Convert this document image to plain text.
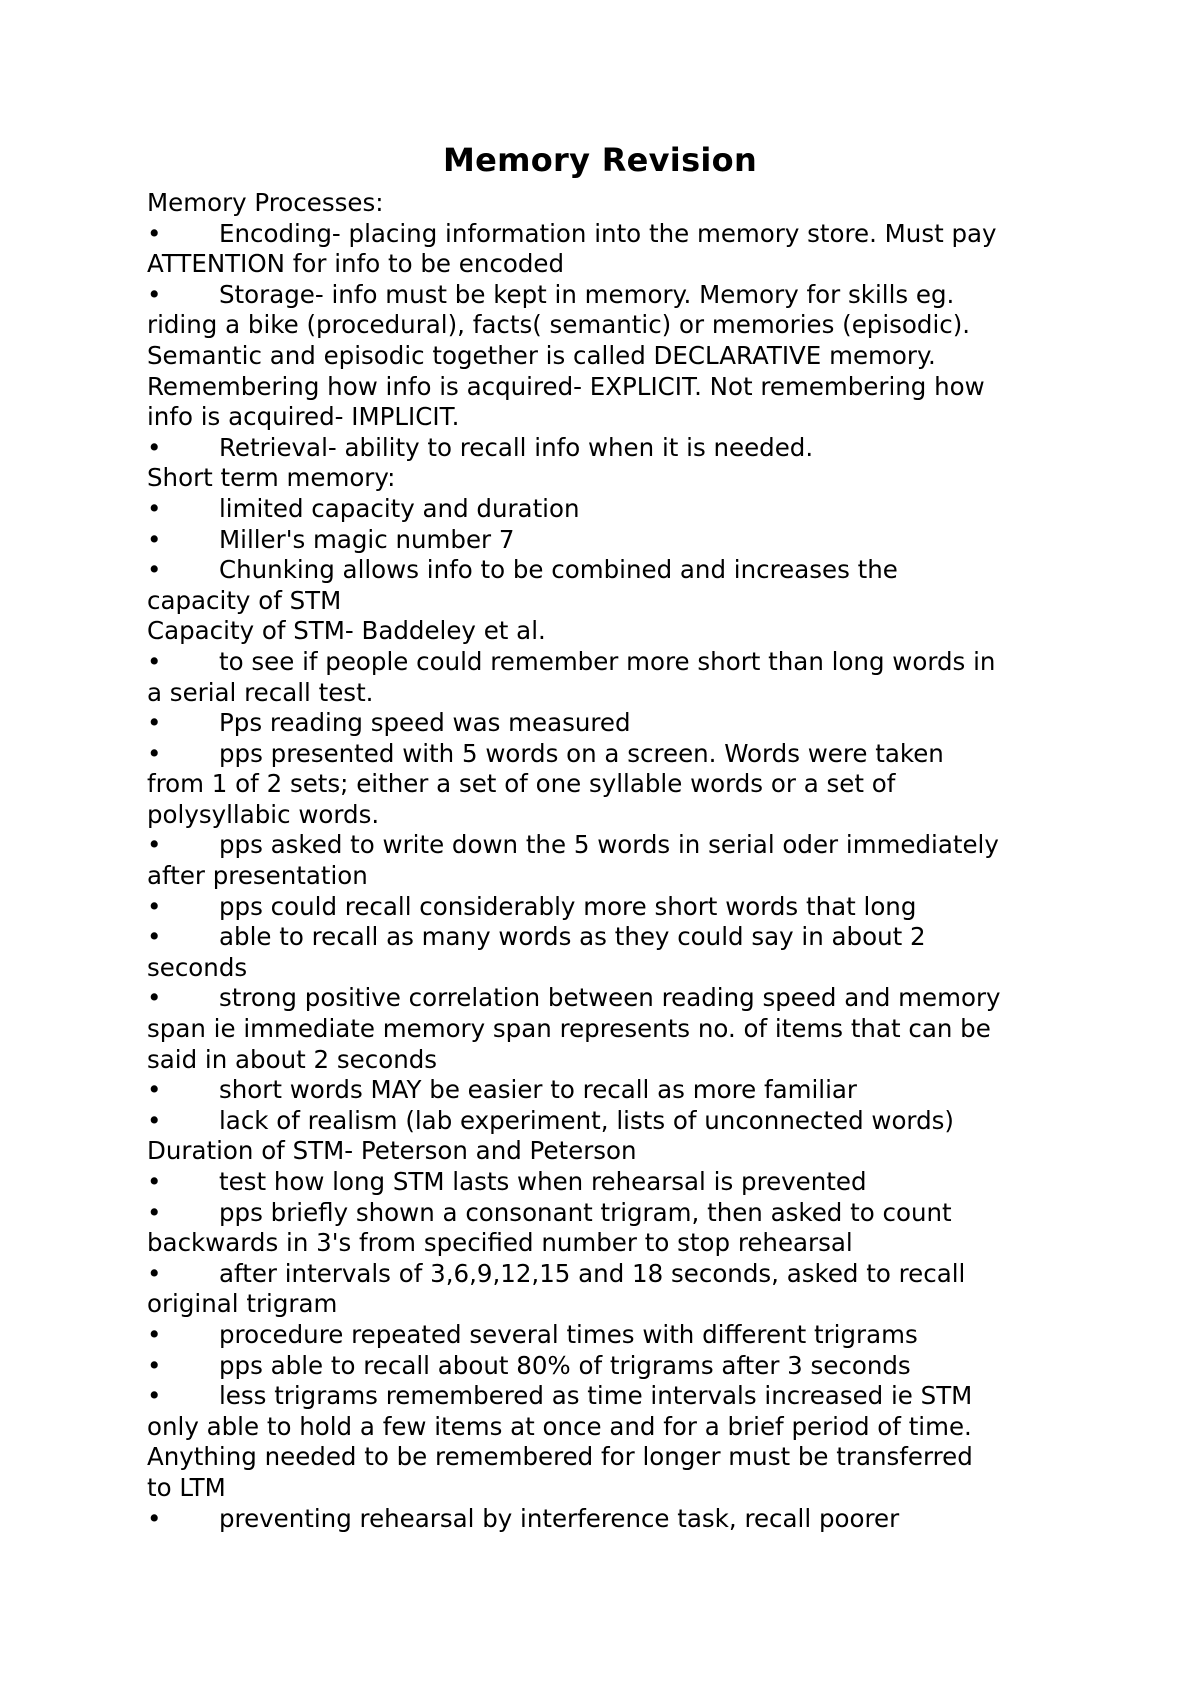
Memory Revision
Memory Processes:
• Encoding- placing information into the memory store. Must pay
ATTENTION for info to be encoded
• Storage- info must be kept in memory. Memory for skills eg.
riding a bike (procedural), facts( semantic) or memories (episodic).
Semantic and episodic together is called DECLARATIVE memory.
Remembering how info is acquired- EXPLICIT. Not remembering how
info is acquired- IMPLICIT.
• Retrieval- ability to recall info when it is needed.
Short term memory:
• limited capacity and duration
• Miller's magic number 7
• Chunking allows info to be combined and increases the
capacity of STM
Capacity of STM- Baddeley et al.
• to see if people could remember more short than long words in
a serial recall test.
• Pps reading speed was measured
• pps presented with 5 words on a screen. Words were taken
from 1 of 2 sets; either a set of one syllable words or a set of
polysyllabic words.
• pps asked to write down the 5 words in serial oder immediately
after presentation
• pps could recall considerably more short words that long
• able to recall as many words as they could say in about 2
seconds
• strong positive correlation between reading speed and memory
span ie immediate memory span represents no. of items that can be
said in about 2 seconds
• short words MAY be easier to recall as more familiar
• lack of realism (lab experiment, lists of unconnected words)
Duration of STM- Peterson and Peterson
• test how long STM lasts when rehearsal is prevented
• pps briefly shown a consonant trigram, then asked to count
backwards in 3's from specified number to stop rehearsal
• after intervals of 3,6,9,12,15 and 18 seconds, asked to recall
original trigram
• procedure repeated several times with different trigrams
• pps able to recall about 80% of trigrams after 3 seconds
• less trigrams remembered as time intervals increased ie STM
only able to hold a few items at once and for a brief period of time.
Anything needed to be remembered for longer must be transferred
to LTM
• preventing rehearsal by interference task, recall poorer
